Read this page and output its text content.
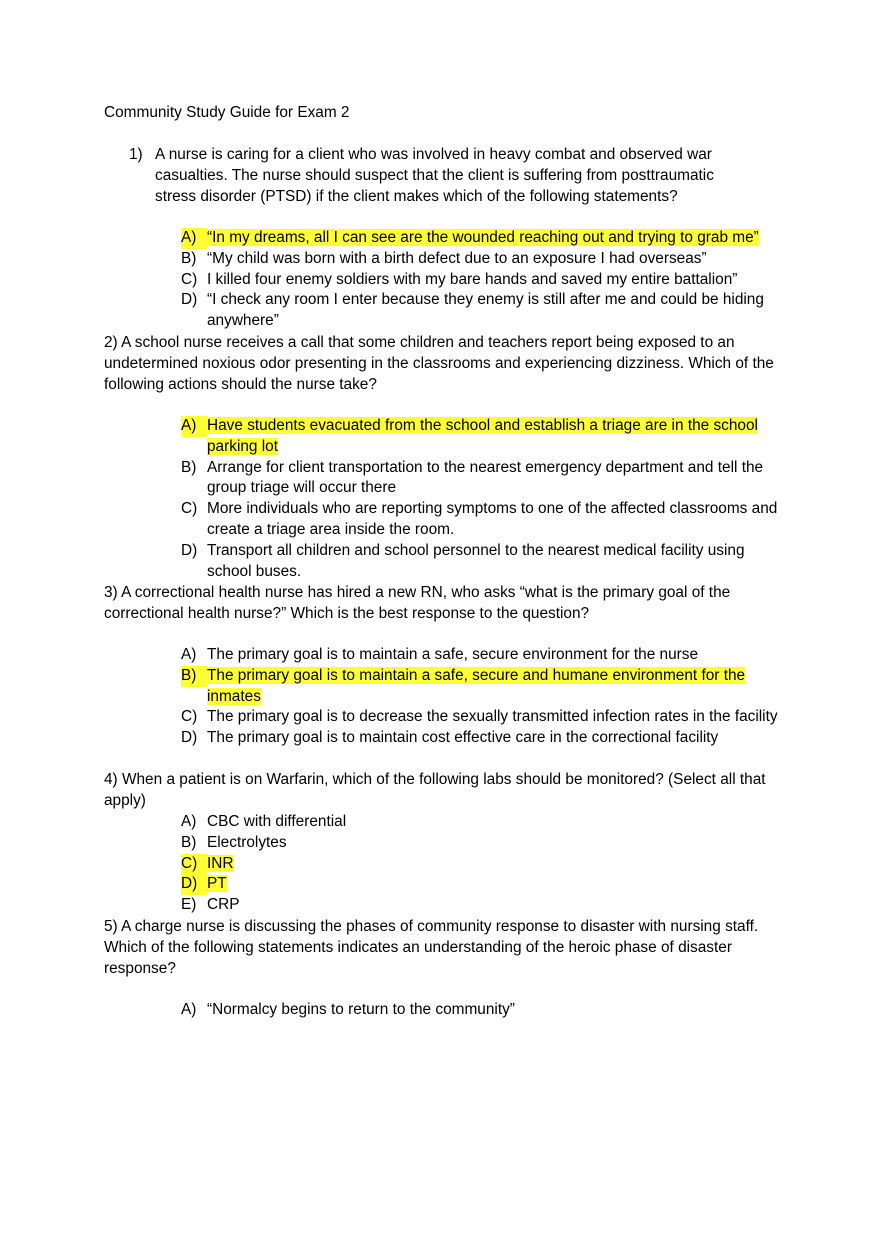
Community Study Guide for Exam 2
1) A nurse is caring for a client who was involved in heavy combat and observed war casualties. The nurse should suspect that the client is suffering from posttraumatic stress disorder (PTSD) if the client makes which of the following statements?
A) “In my dreams, all I can see are the wounded reaching out and trying to grab me”
B) “My child was born with a birth defect due to an exposure I had overseas”
C) I killed four enemy soldiers with my bare hands and saved my entire battalion”
D) “I check any room I enter because they enemy is still after me and could be hiding anywhere”
2) A school nurse receives a call that some children and teachers report being exposed to an undetermined noxious odor presenting in the classrooms and experiencing dizziness. Which of the following actions should the nurse take?
A) Have students evacuated from the school and establish a triage are in the school parking lot
B) Arrange for client transportation to the nearest emergency department and tell the group triage will occur there
C) More individuals who are reporting symptoms to one of the affected classrooms and create a triage area inside the room.
D) Transport all children and school personnel to the nearest medical facility using school buses.
3) A correctional health nurse has hired a new RN, who asks “what is the primary goal of the correctional health nurse?” Which is the best response to the question?
A) The primary goal is to maintain a safe, secure environment for the nurse
B) The primary goal is to maintain a safe, secure and humane environment for the inmates
C) The primary goal is to decrease the sexually transmitted infection rates in the facility
D) The primary goal is to maintain cost effective care in the correctional facility
4) When a patient is on Warfarin, which of the following labs should be monitored? (Select all that apply)
A) CBC with differential
B) Electrolytes
C) INR
D) PT
E) CRP
5) A charge nurse is discussing the phases of community response to disaster with nursing staff. Which of the following statements indicates an understanding of the heroic phase of disaster response?
A) “Normalcy begins to return to the community”
